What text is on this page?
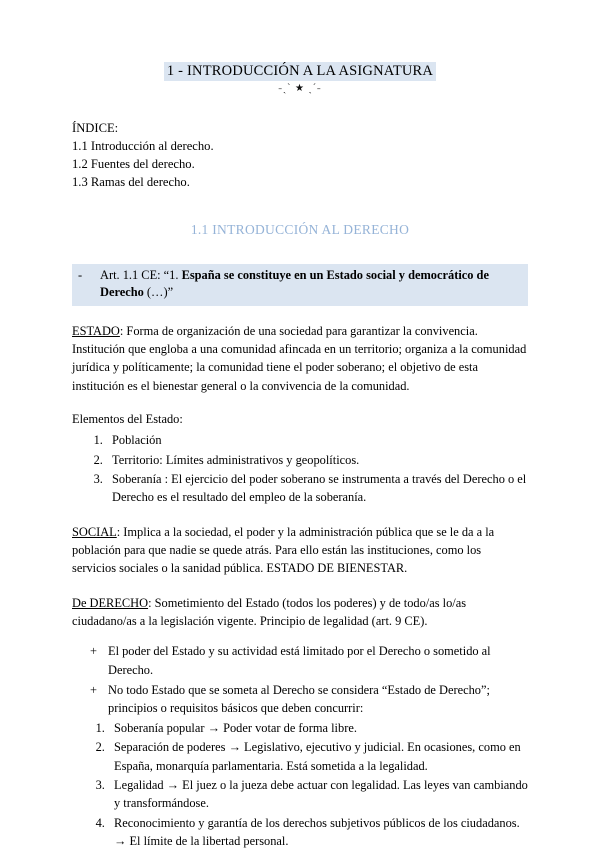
1 - INTRODUCCIÓN A LA ASIGNATURA
˗ˏˋ ★ ˎˊ˗
ÍNDICE:
1.1 Introducción al derecho.
1.2 Fuentes del derecho.
1.3 Ramas del derecho.
1.1 INTRODUCCIÓN AL DERECHO
-	Art. 1.1 CE: “1. España se constituye en un Estado social y democrático de Derecho (…)”

ESTADO: Forma de organización de una sociedad para garantizar la convivencia. Institución que engloba a una comunidad afincada en un territorio; organiza a la comunidad jurídica y políticamente; la comunidad tiene el poder soberano; el objetivo de esta institución es el bienestar general o la convivencia de la comunidad.

Elementos del Estado:
1. Población
2. Territorio: Límites administrativos y geopolíticos.
3. Soberanía : El ejercicio del poder soberano se instrumenta a través del Derecho o el Derecho es el resultado del empleo de la soberanía.

SOCIAL: Implica a la sociedad, el poder y la administración pública que se le da a la población para que nadie se quede atrás. Para ello están las instituciones, como los servicios sociales o la sanidad pública. ESTADO DE BIENESTAR.

De DERECHO: Sometimiento del Estado (todos los poderes) y de todo/as lo/as ciudadano/as a la legislación vigente. Principio de legalidad (art. 9 CE).

+ El poder del Estado y su actividad está limitado por el Derecho o sometido al Derecho.
+ No todo Estado que se someta al Derecho se considera “Estado de Derecho”; principios o requisitos básicos que deben concurrir:
1. Soberanía popular → Poder votar de forma libre.
2. Separación de poderes → Legislativo, ejecutivo y judicial. En ocasiones, como en España, monarquía parlamentaria. Está sometida a la legalidad.
3. Legalidad → El juez o la jueza debe actuar con legalidad. Las leyes van cambiando y transformándose.
4. Reconocimiento y garantía de los derechos subjetivos públicos de los ciudadanos. → El límite de la libertad personal.
